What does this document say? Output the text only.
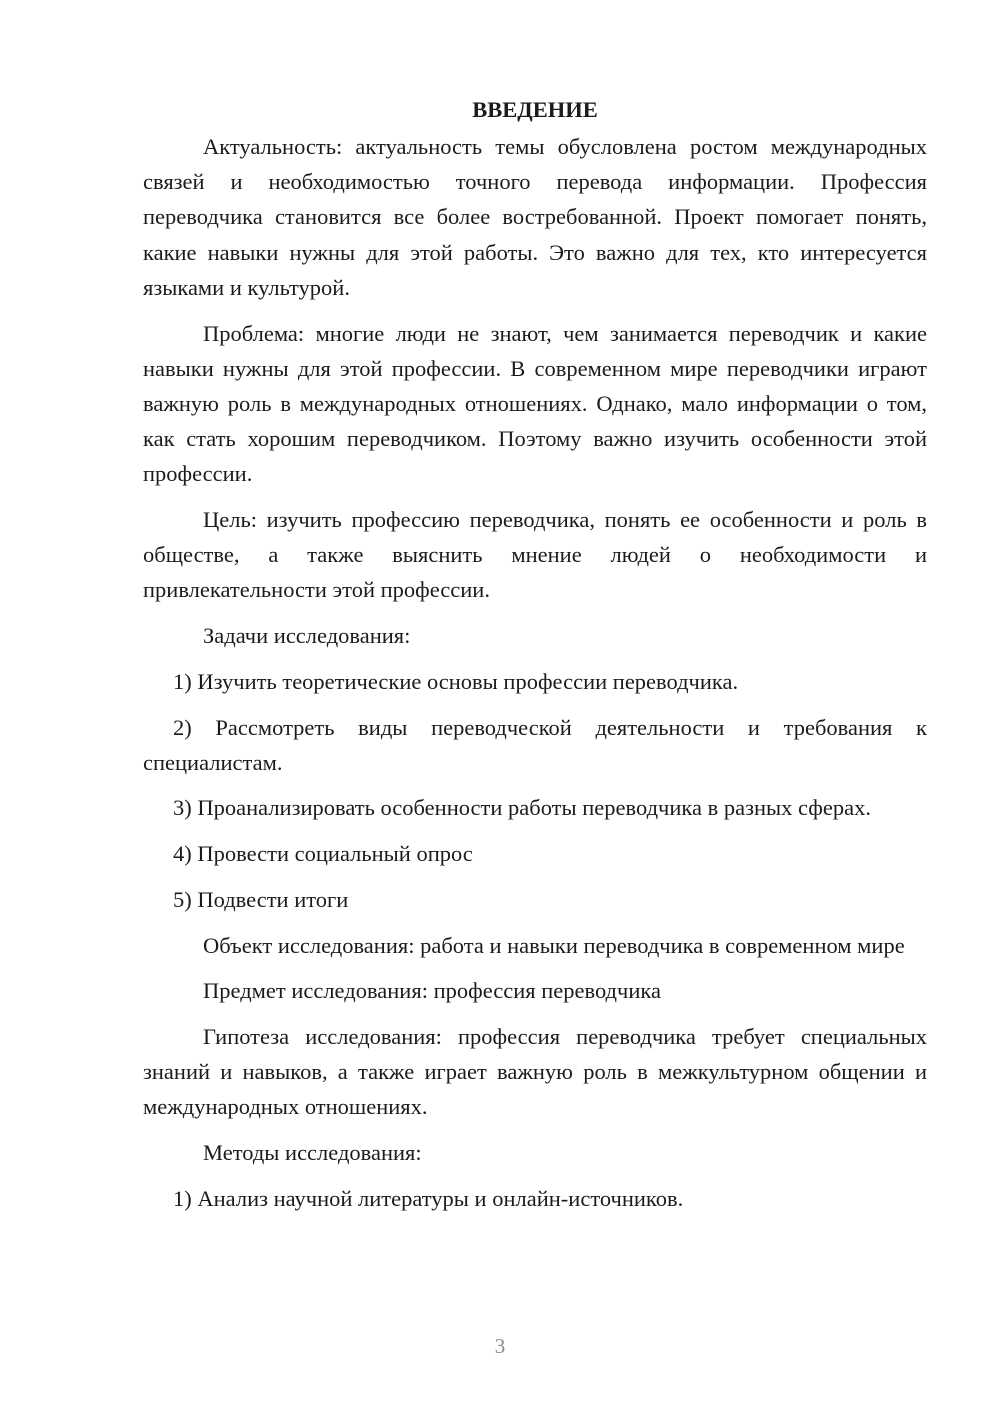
ВВЕДЕНИЕ

Актуальность: актуальность темы обусловлена ростом международных связей и необходимостью точного перевода информации. Профессия переводчика становится все более востребованной. Проект помогает понять, какие навыки нужны для этой работы. Это важно для тех, кто интересуется языками и культурой.

Проблема: многие люди не знают, чем занимается переводчик и какие навыки нужны для этой профессии. В современном мире переводчики играют важную роль в международных отношениях. Однако, мало информации о том, как стать хорошим переводчиком. Поэтому важно изучить особенности этой профессии.

Цель: изучить профессию переводчика, понять ее особенности и роль в обществе, а также выяснить мнение людей о необходимости и привлекательности этой профессии.

Задачи исследования:

1) Изучить теоретические основы профессии переводчика.

2) Рассмотреть виды переводческой деятельности и требования к специалистам.

3) Проанализировать особенности работы переводчика в разных сферах.

4) Провести социальный опрос

5) Подвести итоги

Объект исследования: работа и навыки переводчика в современном мире

Предмет исследования: профессия переводчика

Гипотеза исследования: профессия переводчика требует специальных знаний и навыков, а также играет важную роль в межкультурном общении и международных отношениях.

Методы исследования:

1) Анализ научной литературы и онлайн-источников.

3
